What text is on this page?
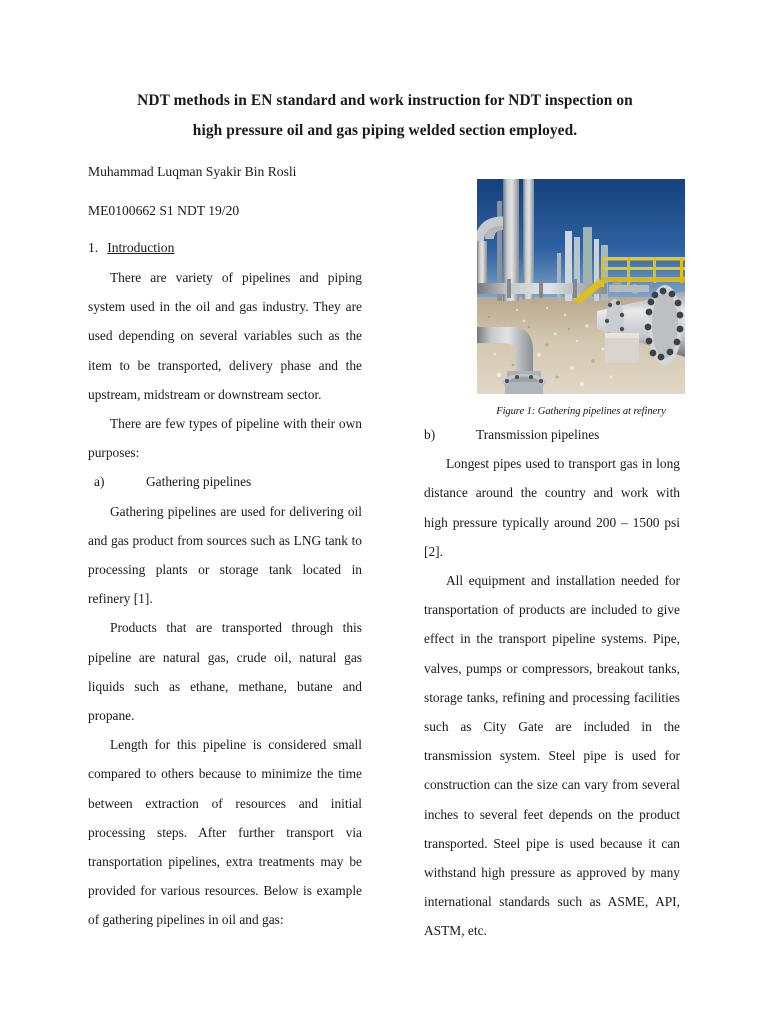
NDT methods in EN standard and work instruction for NDT inspection on
high pressure oil and gas piping welded section employed.
Muhammad Luqman Syakir Bin Rosli
ME0100662 S1 NDT 19/20
1. Introduction
Figure 1: Gathering pipelines at refinery

There are variety of pipelines and piping system used in the oil and gas industry. They are used depending on several variables such as the item to be transported, delivery phase and the upstream, midstream or downstream sector.

There are few types of pipeline with their own purposes:

a)	Gathering pipelines

Gathering pipelines are used for delivering oil and gas product from sources such as LNG tank to processing plants or storage tank located in refinery [1].

Products that are transported through this pipeline are natural gas, crude oil, natural gas liquids such as ethane, methane, butane and propane.

Length for this pipeline is considered small compared to others because to minimize the time between extraction of resources and initial processing steps. After further transport via transportation pipelines, extra treatments may be provided for various resources. Below is example of gathering pipelines in oil and gas:

b)	Transmission pipelines

Longest pipes used to transport gas in long distance around the country and work with high pressure typically around 200 – 1500 psi [2].

All equipment and installation needed for transportation of products are included to give effect in the transport pipeline systems. Pipe, valves, pumps or compressors, breakout tanks, storage tanks, refining and processing facilities such as City Gate are included in the transmission system. Steel pipe is used for construction can the size can vary from several inches to several feet depends on the product transported. Steel pipe is used because it can withstand high pressure as approved by many international standards such as ASME, API, ASTM, etc.
